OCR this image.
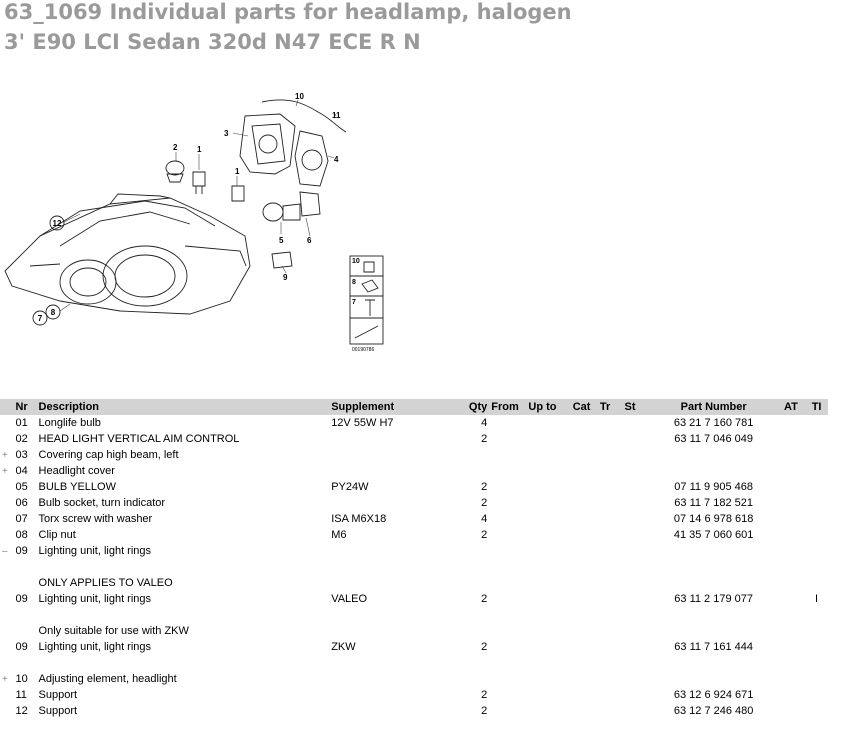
63_1069 Individual parts for headlamp, halogen
3' E90 LCI Sedan 320d N47 ECE R N
1
1
2
3
4
5	6
9
10
11
10
8
7
00190786
12
7
8
	Nr	Description	Supplement	Qty	From	Up to	Cat	Tr	St	Part Number	AT	TI
	01	Longlife bulb	12V 55W H7	4						63 21 7 160 781		
	02	HEAD LIGHT VERTICAL AIM CONTROL		2						63 11 7 046 049		
+	03	Covering cap high beam, left										
+	04	Headlight cover										
	05	BULB YELLOW	PY24W	2						07 11 9 905 468		
	06	Bulb socket, turn indicator		2						63 11 7 182 521		
	07	Torx screw with washer	ISA M6X18	4						07 14 6 978 618		
	08	Clip nut	M6	2						41 35 7 060 601		
–	09	Lighting unit, light rings										

		ONLY APPLIES TO VALEO										
	09	Lighting unit, light rings	VALEO	2						63 11 2 179 077		I

		Only suitable for use with ZKW										
	09	Lighting unit, light rings	ZKW	2						63 11 7 161 444		

+	10	Adjusting element, headlight										
	11	Support		2						63 12 6 924 671		
	12	Support		2						63 12 7 246 480		
